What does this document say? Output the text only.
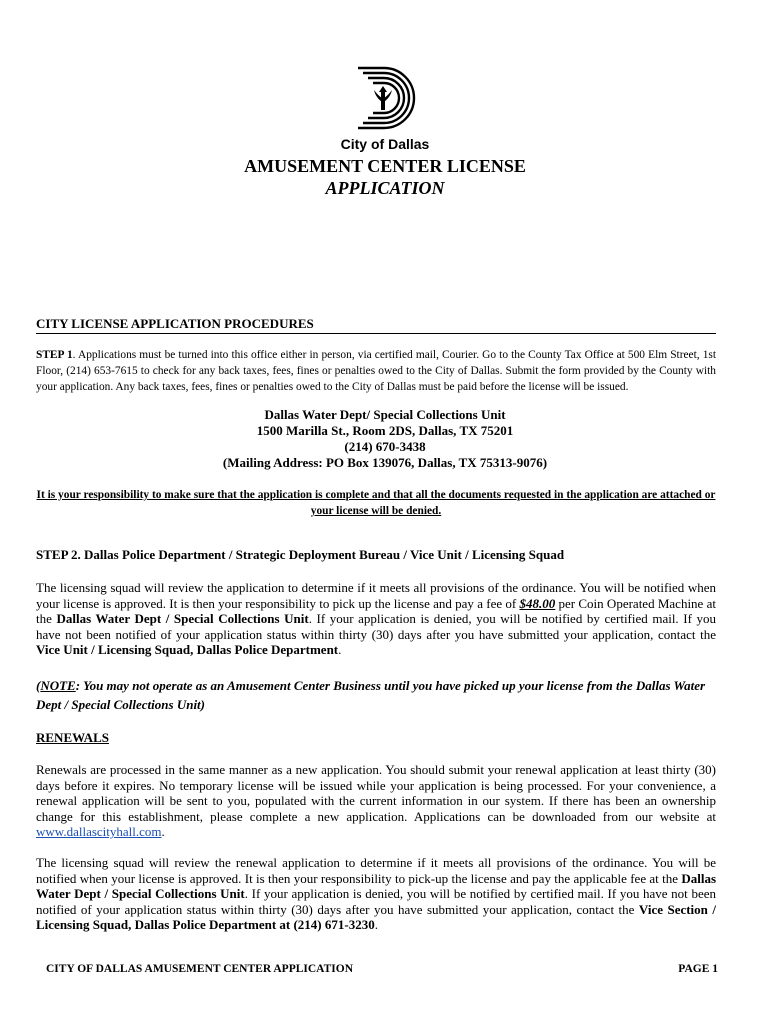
City of Dallas
AMUSEMENT CENTER LICENSE
APPLICATION
CITY LICENSE APPLICATION PROCEDURES
STEP 1. Applications must be turned into this office either in person, via certified mail, Courier. Go to the County Tax Office at 500 Elm Street, 1st Floor, (214) 653-7615 to check for any back taxes, fees, fines or penalties owed to the City of Dallas. Submit the form provided by the County with your application. Any back taxes, fees, fines or penalties owed to the City of Dallas must be paid before the license will be issued.
Dallas Water Dept/ Special Collections Unit
1500 Marilla St., Room 2DS, Dallas, TX 75201
(214) 670-3438
(Mailing Address: PO Box 139076, Dallas, TX 75313-9076)
It is your responsibility to make sure that the application is complete and that all the documents requested in the application are attached or your license will be denied.
STEP 2. Dallas Police Department / Strategic Deployment Bureau / Vice Unit / Licensing Squad
The licensing squad will review the application to determine if it meets all provisions of the ordinance. You will be notified when your license is approved. It is then your responsibility to pick up the license and pay a fee of $48.00 per Coin Operated Machine at the Dallas Water Dept / Special Collections Unit. If your application is denied, you will be notified by certified mail. If you have not been notified of your application status within thirty (30) days after you have submitted your application, contact the Vice Unit / Licensing Squad, Dallas Police Department.
(NOTE: You may not operate as an Amusement Center Business until you have picked up your license from the Dallas Water Dept / Special Collections Unit)
RENEWALS
Renewals are processed in the same manner as a new application. You should submit your renewal application at least thirty (30) days before it expires. No temporary license will be issued while your application is being processed. For your convenience, a renewal application will be sent to you, populated with the current information in our system. If there has been an ownership change for this establishment, please complete a new application. Applications can be downloaded from our website at www.dallascityhall.com.
The licensing squad will review the renewal application to determine if it meets all provisions of the ordinance. You will be notified when your license is approved. It is then your responsibility to pick-up the license and pay the applicable fee at the Dallas Water Dept / Special Collections Unit. If your application is denied, you will be notified by certified mail. If you have not been notified of your application status within thirty (30) days after you have submitted your application, contact the Vice Section / Licensing Squad, Dallas Police Department at (214) 671-3230.
CITY OF DALLAS AMUSEMENT CENTER APPLICATION	PAGE 1
